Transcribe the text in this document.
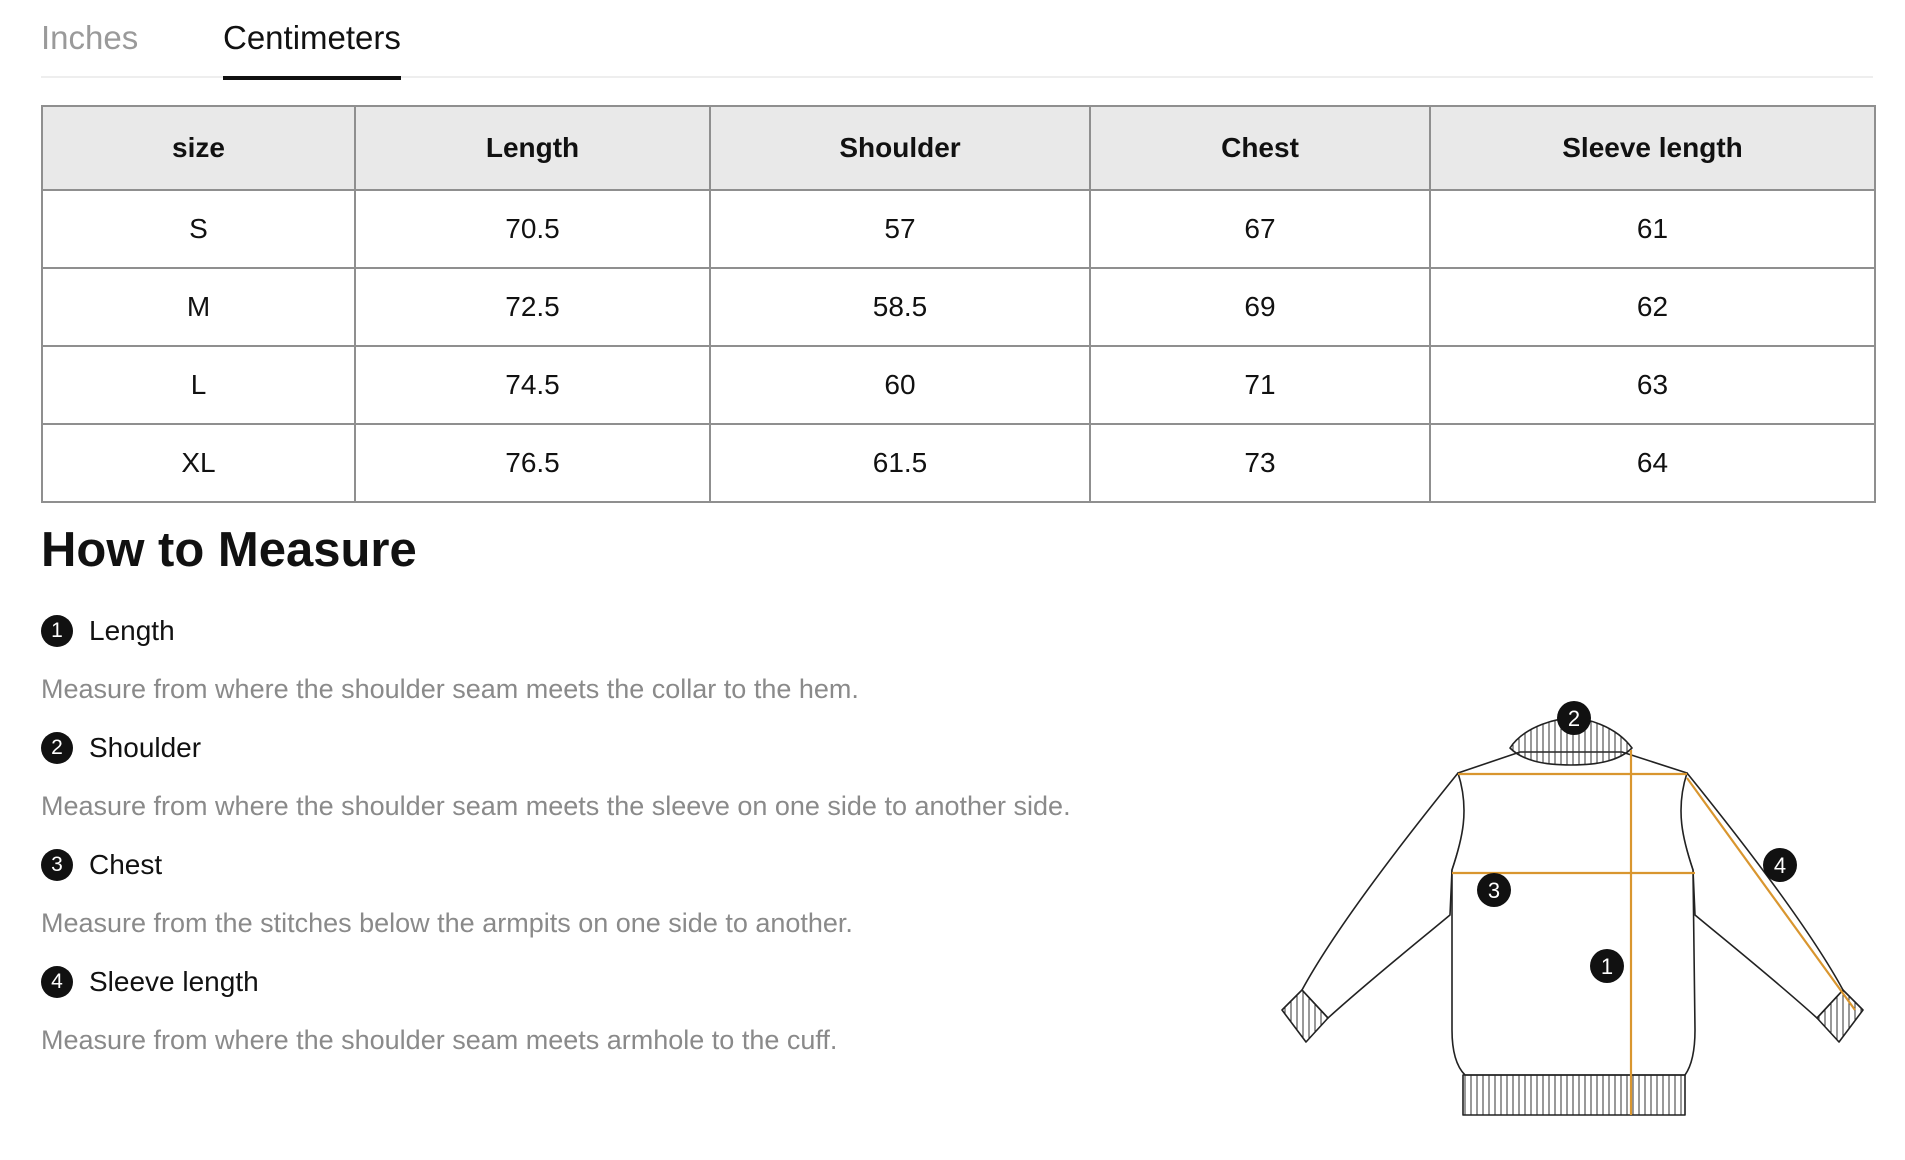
Inches	Centimeters
size	Length	Shoulder	Chest	Sleeve length
S	70.5	57	67	61
M	72.5	58.5	69	62
L	74.5	60	71	63
XL	76.5	61.5	73	64
How to Measure
1 Length
Measure from where the shoulder seam meets the collar to the hem.
2 Shoulder
Measure from where the shoulder seam meets the sleeve on one side to another side.
3 Chest
Measure from the stitches below the armpits on one side to another.
4 Sleeve length
Measure from where the shoulder seam meets armhole to the cuff.
2
3
1
4
